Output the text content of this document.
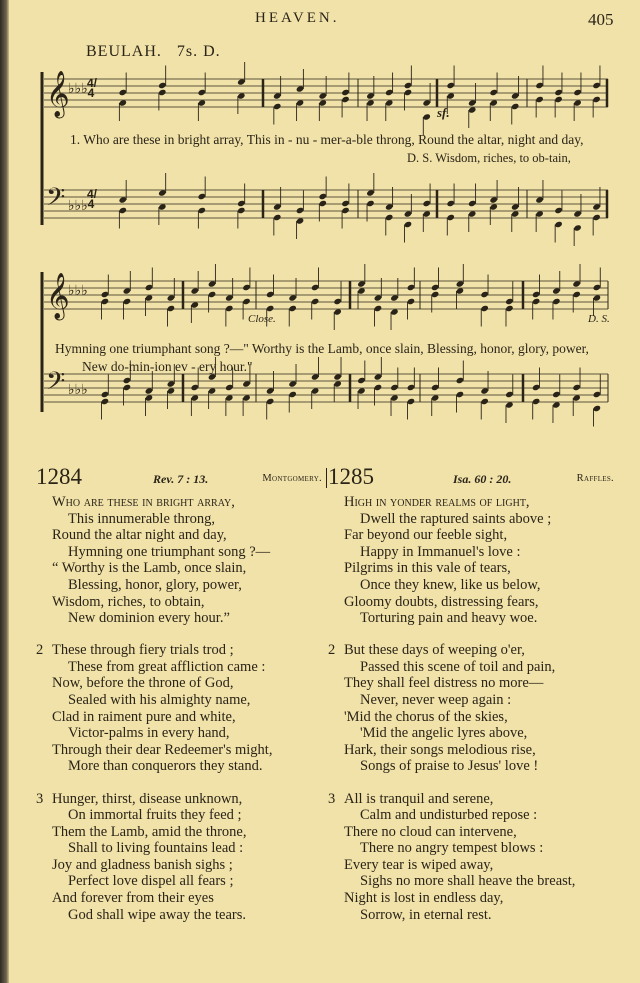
HEAVEN.	405
BEULAH. 7s. D.
𝄞
♭♭♭
𝄢 ♭♭♭
𝄞
♭♭♭
𝄢 ♭♭♭
4/4
4/4
1. Who are these in bright array, This in - nu - mer-a-ble throng, Round the altar, night and day,
D. S. Wisdom, riches, to ob-tain,
Hymning one triumphant song ?—" Worthy is the Lamb, once slain, Blessing, honor, glory, power,
New do-min-ion ev - ery hour."
Close.	D. S.
sf.
1284	Rev. 7 : 13.	Montgomery.
Who are these in bright array,
This innumerable throng,
Round the altar night and day,
Hymning one triumphant song ?—
“ Worthy is the Lamb, once slain,
Blessing, honor, glory, power,
Wisdom, riches, to obtain,
New dominion every hour.”
2 These through fiery trials trod ;
These from great affliction came :
Now, before the throne of God,
Sealed with his almighty name,
Clad in raiment pure and white,
Victor-palms in every hand,
Through their dear Redeemer's might,
More than conquerors they stand.
3 Hunger, thirst, disease unknown,
On immortal fruits they feed ;
Them the Lamb, amid the throne,
Shall to living fountains lead :
Joy and gladness banish sighs ;
Perfect love dispel all fears ;
And forever from their eyes
God shall wipe away the tears.
1285	Isa. 60 : 20.	Raffles.
High in yonder realms of light,
Dwell the raptured saints above ;
Far beyond our feeble sight,
Happy in Immanuel's love :
Pilgrims in this vale of tears,
Once they knew, like us below,
Gloomy doubts, distressing fears,
Torturing pain and heavy woe.
2 But these days of weeping o'er,
Passed this scene of toil and pain,
They shall feel distress no more—
Never, never weep again :
'Mid the chorus of the skies,
'Mid the angelic lyres above,
Hark, their songs melodious rise,
Songs of praise to Jesus' love !
3 All is tranquil and serene,
Calm and undisturbed repose :
There no cloud can intervene,
There no angry tempest blows :
Every tear is wiped away,
Sighs no more shall heave the breast,
Night is lost in endless day,
Sorrow, in eternal rest.
